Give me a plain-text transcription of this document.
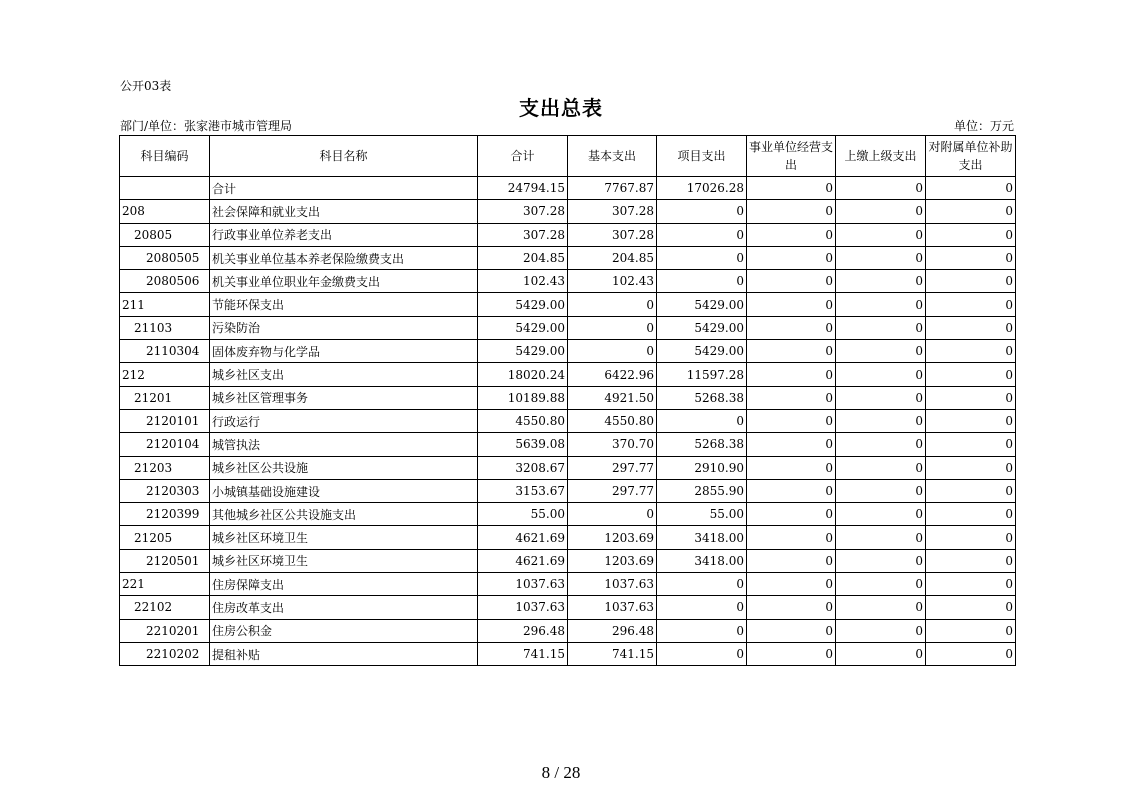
公开03表
支出总表
部门/单位：张家港市城市管理局	单位：万元
科目编码	科目名称	合计	基本支出	项目支出	事业单位经营支出	上缴上级支出	对附属单位补助支出
	合计	24794.15	7767.87	17026.28	0	0	0
208	社会保障和就业支出	307.28	307.28	0	0	0	0
20805	行政事业单位养老支出	307.28	307.28	0	0	0	0
2080505	机关事业单位基本养老保险缴费支出	204.85	204.85	0	0	0	0
2080506	机关事业单位职业年金缴费支出	102.43	102.43	0	0	0	0
211	节能环保支出	5429.00	0	5429.00	0	0	0
21103	污染防治	5429.00	0	5429.00	0	0	0
2110304	固体废弃物与化学品	5429.00	0	5429.00	0	0	0
212	城乡社区支出	18020.24	6422.96	11597.28	0	0	0
21201	城乡社区管理事务	10189.88	4921.50	5268.38	0	0	0
2120101	行政运行	4550.80	4550.80	0	0	0	0
2120104	城管执法	5639.08	370.70	5268.38	0	0	0
21203	城乡社区公共设施	3208.67	297.77	2910.90	0	0	0
2120303	小城镇基础设施建设	3153.67	297.77	2855.90	0	0	0
2120399	其他城乡社区公共设施支出	55.00	0	55.00	0	0	0
21205	城乡社区环境卫生	4621.69	1203.69	3418.00	0	0	0
2120501	城乡社区环境卫生	4621.69	1203.69	3418.00	0	0	0
221	住房保障支出	1037.63	1037.63	0	0	0	0
22102	住房改革支出	1037.63	1037.63	0	0	0	0
2210201	住房公积金	296.48	296.48	0	0	0	0
2210202	提租补贴	741.15	741.15	0	0	0	0
8 / 28
